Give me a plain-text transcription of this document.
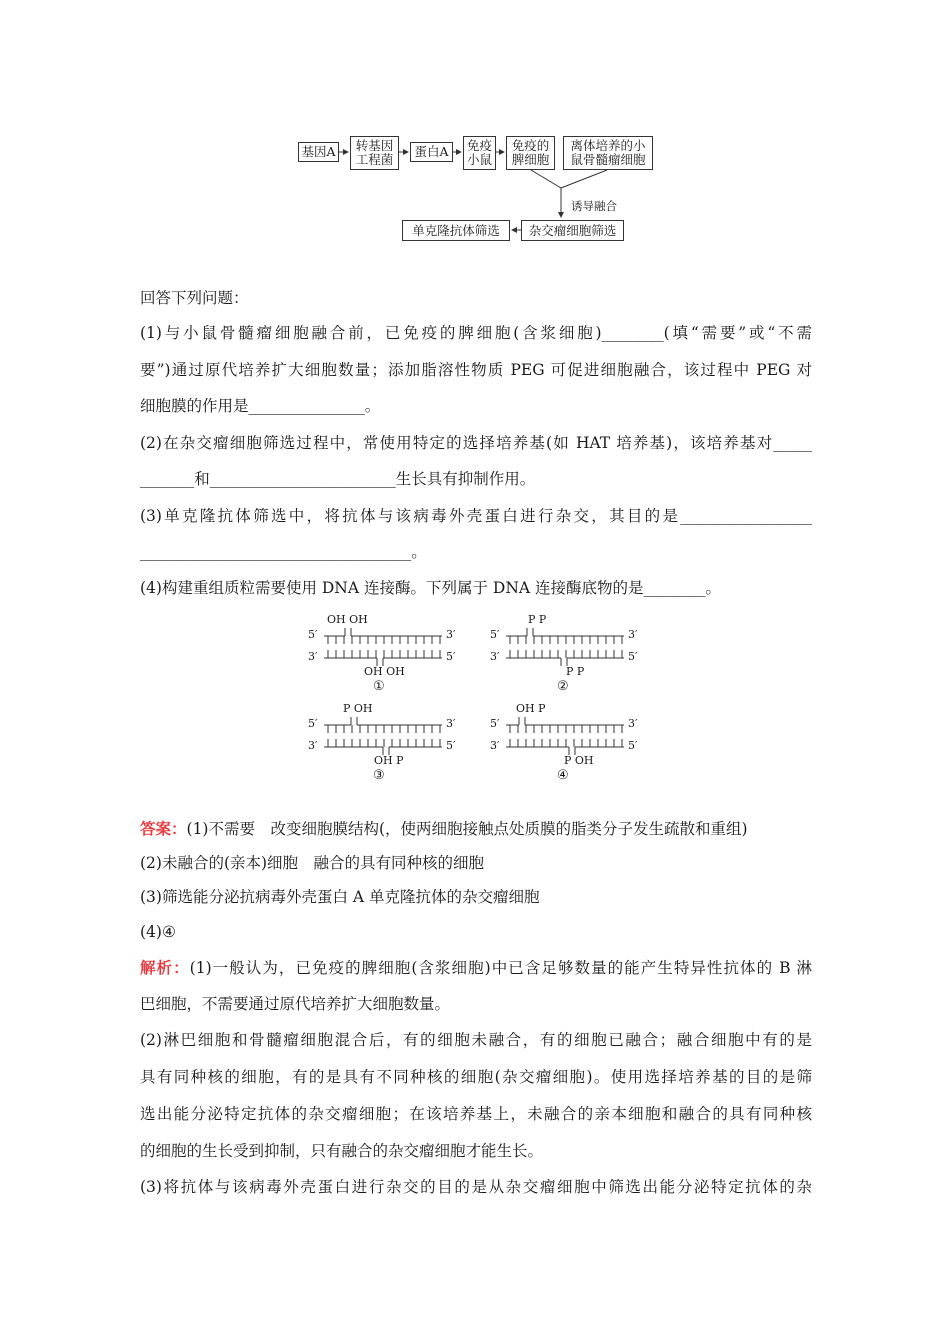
基因A 转基因
工程菌
蛋白A 免疫
小鼠
免疫的
脾细胞
离体培养的小
鼠骨髓瘤细胞
诱导融合
杂交瘤细胞筛选
单克隆抗体筛选
回答下列问题：
(1)与小鼠骨髓瘤细胞融合前，已免疫的脾细胞(含浆细胞)________(填“需要”或“不需
要”)通过原代培养扩大细胞数量；添加脂溶性物质 PEG 可促进细胞融合，该过程中 PEG 对
细胞膜的作用是_______________。
(2)在杂交瘤细胞筛选过程中，常使用特定的选择培养基(如 HAT 培养基)，该培养基对_____
_______和________________________生长具有抑制作用。
(3)单克隆抗体筛选中，将抗体与该病毒外壳蛋白进行杂交，其目的是_________________
___________________________________。
(4)构建重组质粒需要使用 DNA 连接酶。下列属于 DNA 连接酶底物的是________。
OH OH
OH OH
5′
3′
3′
5′
①
P P
P P
5′
3′
3′
5′
②
P OH
OH P
5′
3′
3′
5′
③
OH P
P OH
5′
3′
3′
5′
④
答案：(1)不需要　改变细胞膜结构(，使两细胞接触点处质膜的脂类分子发生疏散和重组)
(2)未融合的(亲本)细胞　融合的具有同种核的细胞
(3)筛选能分泌抗病毒外壳蛋白 A 单克隆抗体的杂交瘤细胞
(4)④
解析：(1)一般认为，已免疫的脾细胞(含浆细胞)中已含足够数量的能产生特异性抗体的 B 淋
巴细胞，不需要通过原代培养扩大细胞数量。
(2)淋巴细胞和骨髓瘤细胞混合后，有的细胞未融合，有的细胞已融合；融合细胞中有的是
具有同种核的细胞，有的是具有不同种核的细胞(杂交瘤细胞)。使用选择培养基的目的是筛
选出能分泌特定抗体的杂交瘤细胞；在该培养基上，未融合的亲本细胞和融合的具有同种核
的细胞的生长受到抑制，只有融合的杂交瘤细胞才能生长。
(3)将抗体与该病毒外壳蛋白进行杂交的目的是从杂交瘤细胞中筛选出能分泌特定抗体的杂
